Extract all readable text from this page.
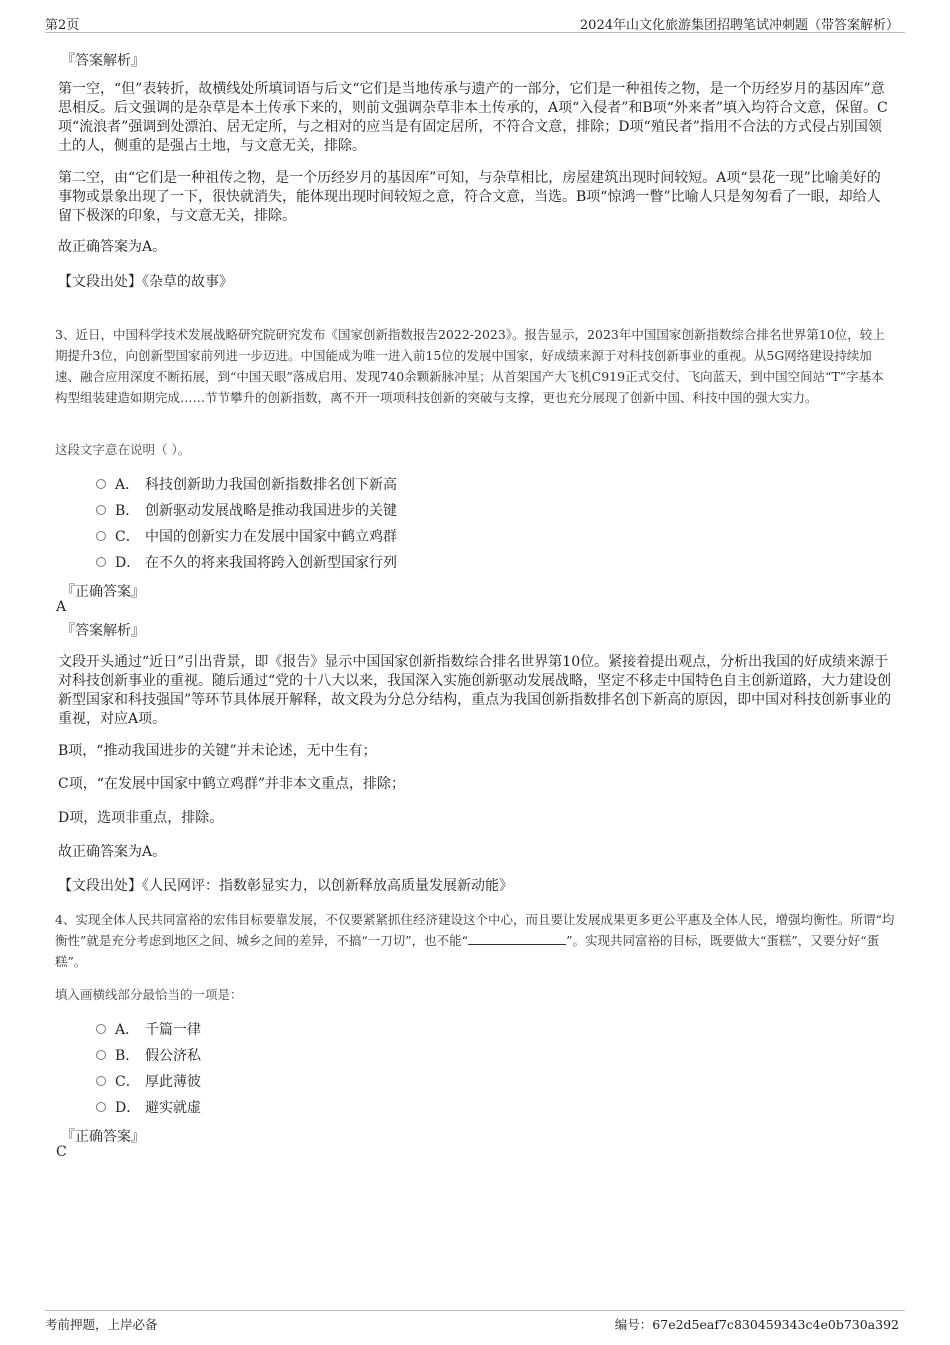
第2页	2024年山文化旅游集团招聘笔试冲刺题（带答案解析）
『答案解析』
第一空，“但”表转折，故横线处所填词语与后文“它们是当地传承与遗产的一部分，它们是一种祖传之物，是一个历经岁月的基因库”意思相反。后文强调的是杂草是本土传承下来的，则前文强调杂草非本土传承的，A项“入侵者”和B项“外来者”填入均符合文意，保留。C项“流浪者”强调到处漂泊、居无定所，与之相对的应当是有固定居所，不符合文意，排除；D项“殖民者”指用不合法的方式侵占别国领土的人，侧重的是强占土地，与文意无关，排除。
第二空，由“它们是一种祖传之物，是一个历经岁月的基因库”可知，与杂草相比，房屋建筑出现时间较短。A项“昙花一现”比喻美好的事物或景象出现了一下，很快就消失，能体现出现时间较短之意，符合文意，当选。B项“惊鸿一瞥”比喻人只是匆匆看了一眼，却给人留下极深的印象，与文意无关，排除。
故正确答案为A。
【文段出处】《杂草的故事》
3、近日，中国科学技术发展战略研究院研究发布《国家创新指数报告2022-2023》。报告显示，2023年中国国家创新指数综合排名世界第10位，较上期提升3位，向创新型国家前列进一步迈进。中国能成为唯一进入前15位的发展中国家，好成绩来源于对科技创新事业的重视。从5G网络建设持续加速、融合应用深度不断拓展，到“中国天眼”落成启用、发现740余颗新脉冲星；从首架国产大飞机C919正式交付、飞向蓝天，到中国空间站“T”字基本构型组装建造如期完成……节节攀升的创新指数，离不开一项项科技创新的突破与支撑，更也充分展现了创新中国、科技中国的强大实力。
这段文字意在说明（ ）。
A． 科技创新助力我国创新指数排名创下新高
B． 创新驱动发展战略是推动我国进步的关键
C． 中国的创新实力在发展中国家中鹤立鸡群
D． 在不久的将来我国将跨入创新型国家行列
『正确答案』
A
『答案解析』
文段开头通过“近日”引出背景，即《报告》显示中国国家创新指数综合排名世界第10位。紧接着提出观点，分析出我国的好成绩来源于对科技创新事业的重视。随后通过“党的十八大以来，我国深入实施创新驱动发展战略，坚定不移走中国特色自主创新道路，大力建设创新型国家和科技强国”等环节具体展开解释，故文段为分总分结构，重点为我国创新指数排名创下新高的原因，即中国对科技创新事业的重视，对应A项。
B项，“推动我国进步的关键”并未论述，无中生有；
C项，“在发展中国家中鹤立鸡群”并非本文重点，排除；
D项，选项非重点，排除。
故正确答案为A。
【文段出处】《人民网评：指数彰显实力，以创新释放高质量发展新动能》
4、实现全体人民共同富裕的宏伟目标要靠发展，不仅要紧紧抓住经济建设这个中心，而且要让发展成果更多更公平惠及全体人民，增强均衡性。所谓“均衡性”就是充分考虑到地区之间、城乡之间的差异，不搞“一刀切”，也不能“	”。实现共同富裕的目标，既要做大“蛋糕”，又要分好“蛋糕”。
填入画横线部分最恰当的一项是：
A． 千篇一律
B． 假公济私
C． 厚此薄彼
D． 避实就虚
『正确答案』
C
考前押题，上岸必备	编号：67e2d5eaf7c830459343c4e0b730a392
